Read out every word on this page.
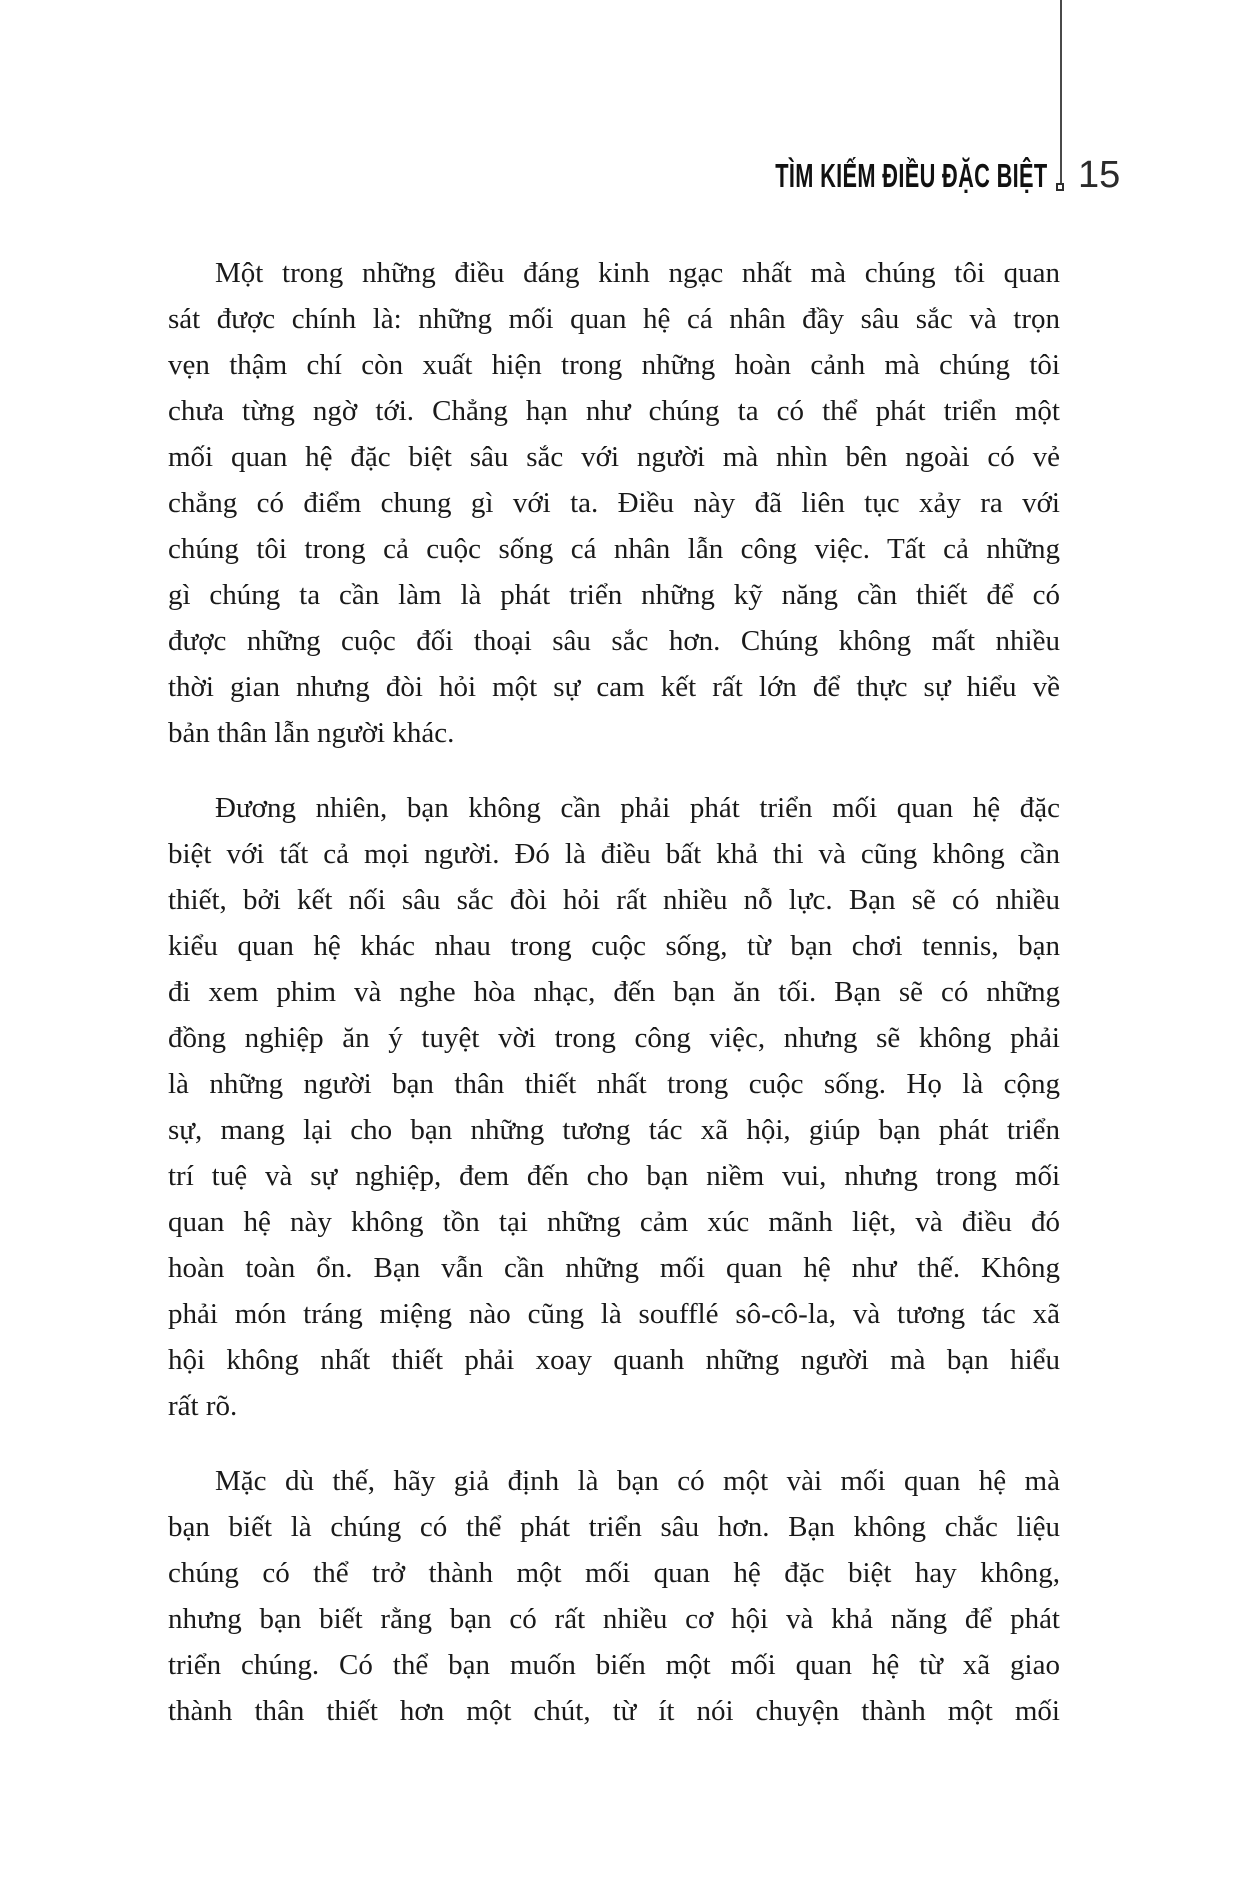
TÌM KIẾM ĐIỀU ĐẶC BIỆT 15
Một trong những điều đáng kinh ngạc nhất mà chúng tôi quan
sát được chính là: những mối quan hệ cá nhân đầy sâu sắc và trọn
vẹn thậm chí còn xuất hiện trong những hoàn cảnh mà chúng tôi
chưa từng ngờ tới. Chẳng hạn như chúng ta có thể phát triển một
mối quan hệ đặc biệt sâu sắc với người mà nhìn bên ngoài có vẻ
chẳng có điểm chung gì với ta. Điều này đã liên tục xảy ra với
chúng tôi trong cả cuộc sống cá nhân lẫn công việc. Tất cả những
gì chúng ta cần làm là phát triển những kỹ năng cần thiết để có
được những cuộc đối thoại sâu sắc hơn. Chúng không mất nhiều
thời gian nhưng đòi hỏi một sự cam kết rất lớn để thực sự hiểu về
bản thân lẫn người khác.
Đương nhiên, bạn không cần phải phát triển mối quan hệ đặc
biệt với tất cả mọi người. Đó là điều bất khả thi và cũng không cần
thiết, bởi kết nối sâu sắc đòi hỏi rất nhiều nỗ lực. Bạn sẽ có nhiều
kiểu quan hệ khác nhau trong cuộc sống, từ bạn chơi tennis, bạn
đi xem phim và nghe hòa nhạc, đến bạn ăn tối. Bạn sẽ có những
đồng nghiệp ăn ý tuyệt vời trong công việc, nhưng sẽ không phải
là những người bạn thân thiết nhất trong cuộc sống. Họ là cộng
sự, mang lại cho bạn những tương tác xã hội, giúp bạn phát triển
trí tuệ và sự nghiệp, đem đến cho bạn niềm vui, nhưng trong mối
quan hệ này không tồn tại những cảm xúc mãnh liệt, và điều đó
hoàn toàn ổn. Bạn vẫn cần những mối quan hệ như thế. Không
phải món tráng miệng nào cũng là soufflé sô-cô-la, và tương tác xã
hội không nhất thiết phải xoay quanh những người mà bạn hiểu
rất rõ.
Mặc dù thế, hãy giả định là bạn có một vài mối quan hệ mà
bạn biết là chúng có thể phát triển sâu hơn. Bạn không chắc liệu
chúng có thể trở thành một mối quan hệ đặc biệt hay không,
nhưng bạn biết rằng bạn có rất nhiều cơ hội và khả năng để phát
triển chúng. Có thể bạn muốn biến một mối quan hệ từ xã giao
thành thân thiết hơn một chút, từ ít nói chuyện thành một mối
